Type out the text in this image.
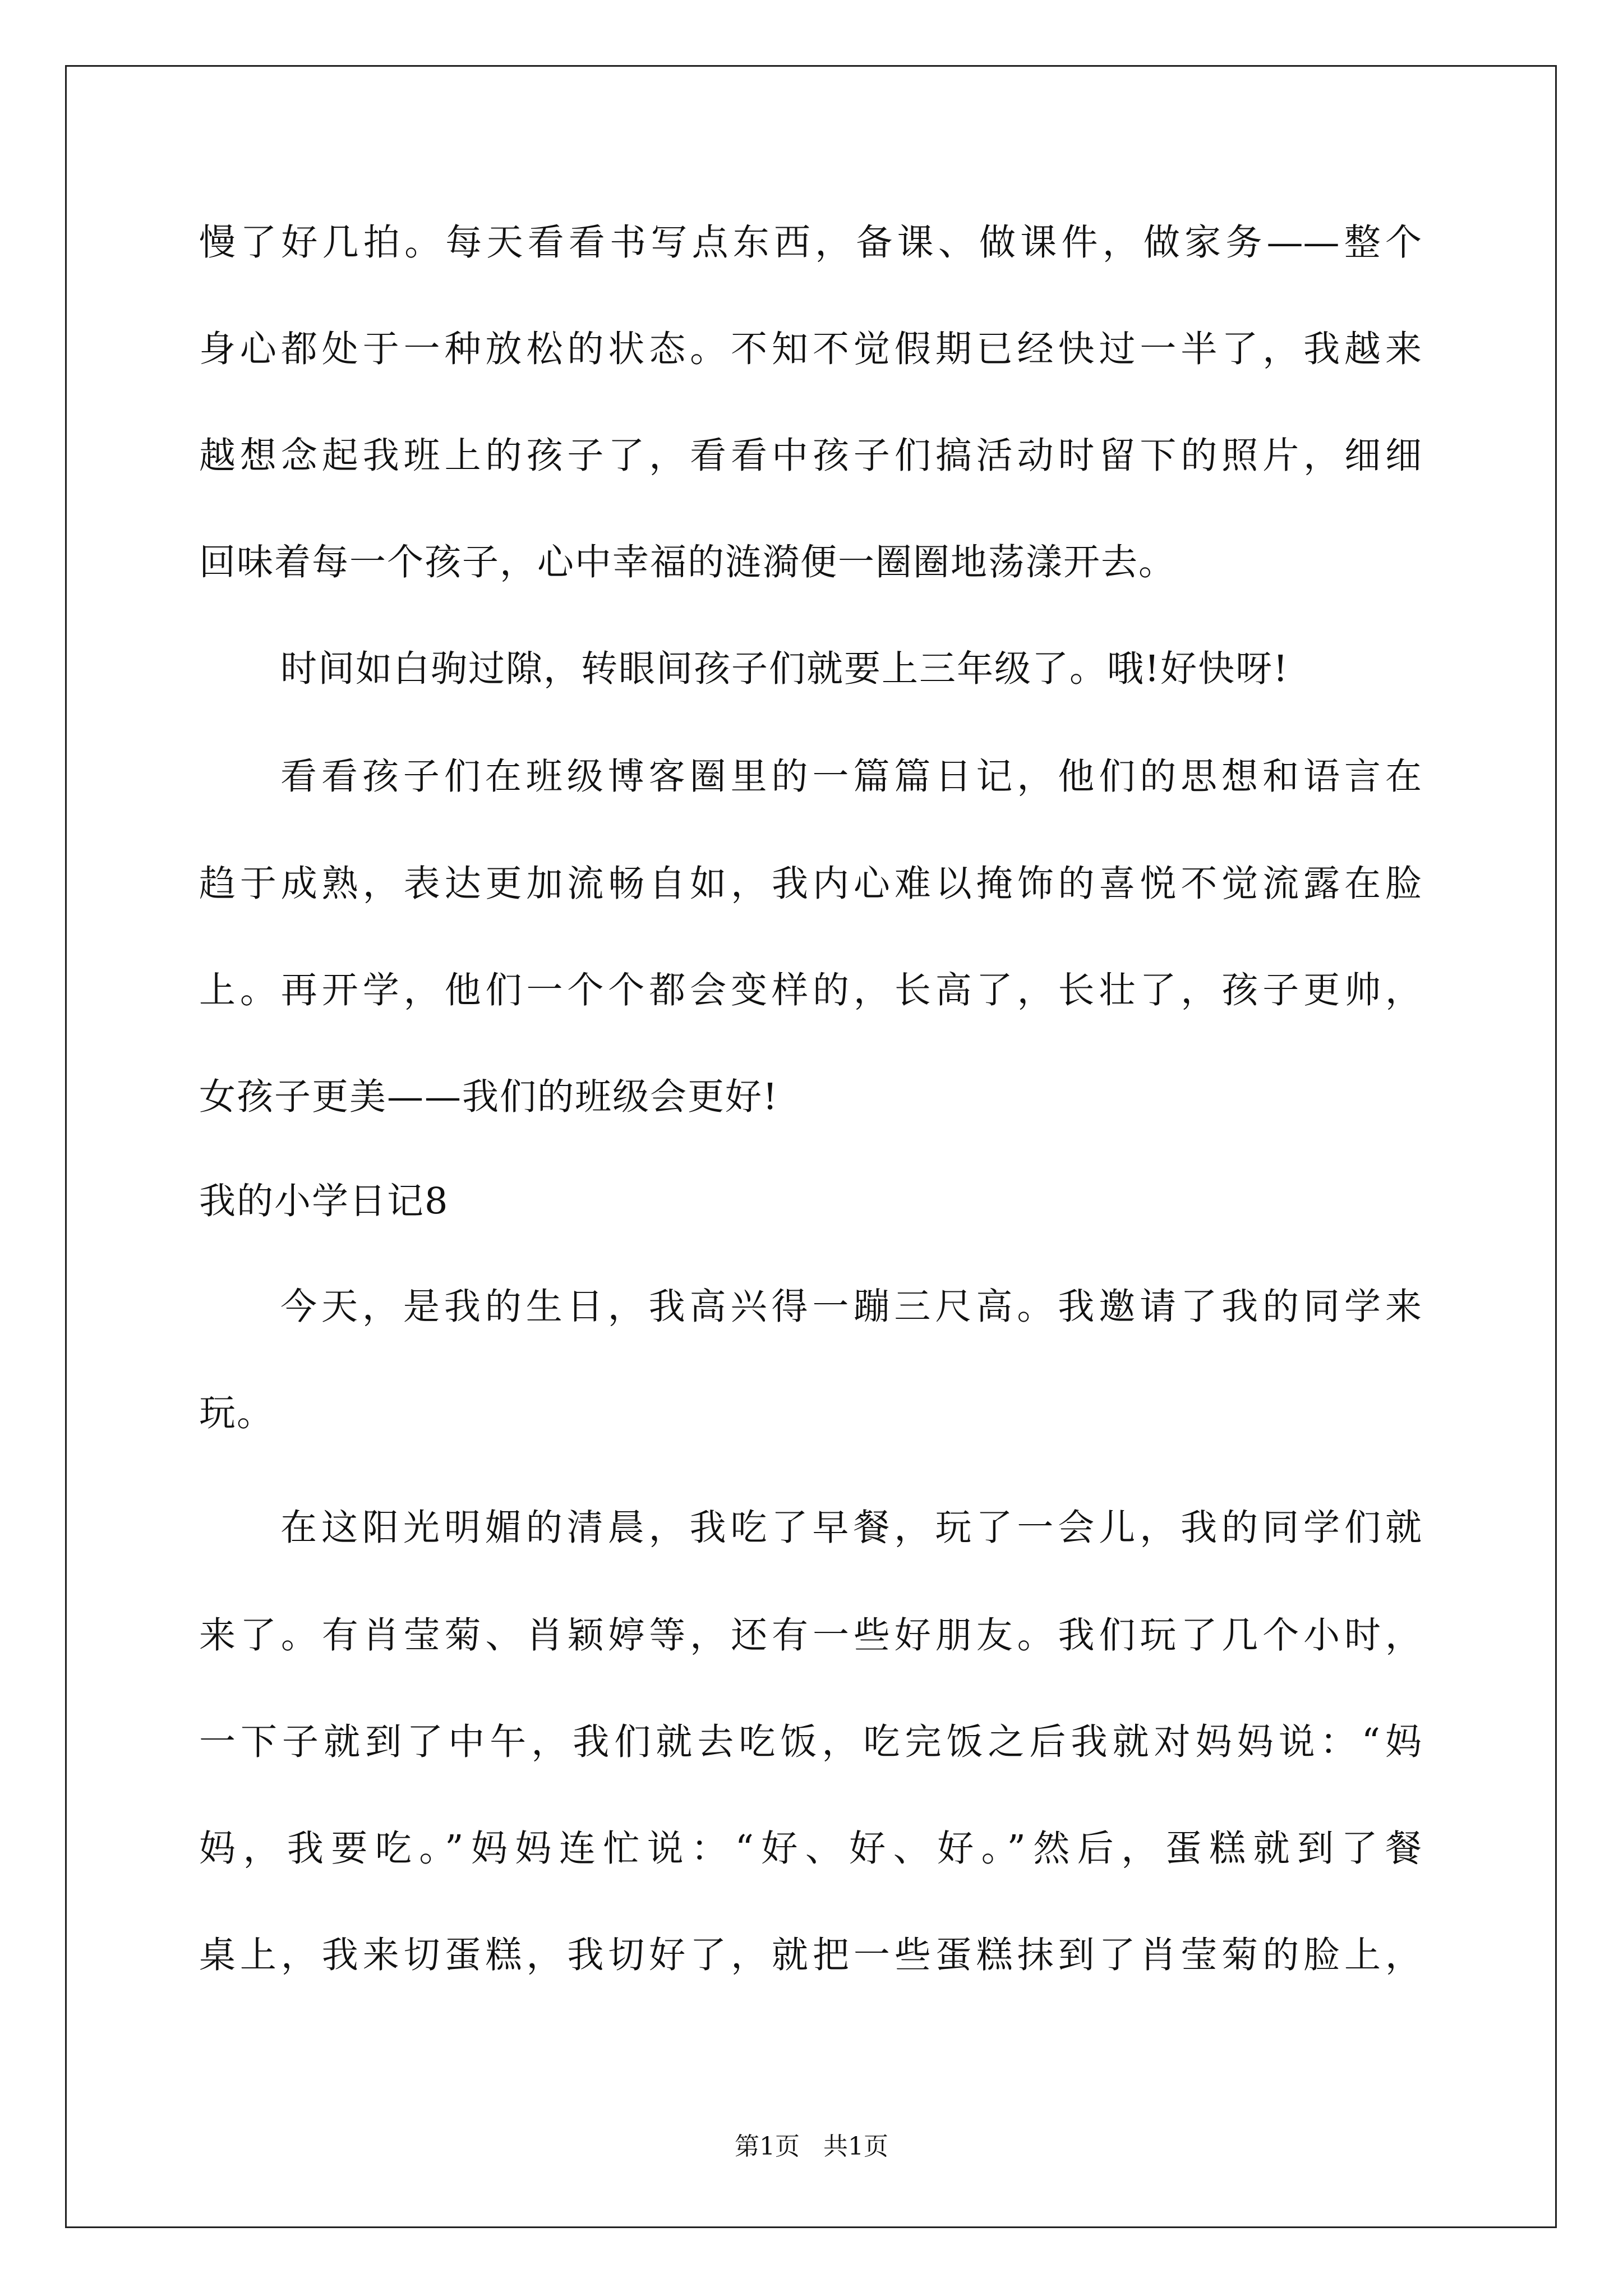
慢了好几拍。每天看看书写点东西，备课、做课件，做家务——整个
身心都处于一种放松的状态。不知不觉假期已经快过一半了，我越来
越想念起我班上的孩子了，看看中孩子们搞活动时留下的照片，细细
回味着每一个孩子，心中幸福的涟漪便一圈圈地荡漾开去。
时间如白驹过隙，转眼间孩子们就要上三年级了。哦!好快呀!
看看孩子们在班级博客圈里的一篇篇日记，他们的思想和语言在
趋于成熟，表达更加流畅自如，我内心难以掩饰的喜悦不觉流露在脸
上。再开学，他们一个个都会变样的，长高了，长壮了，孩子更帅，
女孩子更美——我们的班级会更好!
我的小学日记8
今天，是我的生日，我高兴得一蹦三尺高。我邀请了我的同学来
玩。
在这阳光明媚的清晨，我吃了早餐，玩了一会儿，我的同学们就
来了。有肖莹菊、肖颖婷等，还有一些好朋友。我们玩了几个小时，
一下子就到了中午，我们就去吃饭，吃完饭之后我就对妈妈说：“妈
妈，我要吃。”妈妈连忙说：“好、好、好。”然后，蛋糕就到了餐
桌上，我来切蛋糕，我切好了，就把一些蛋糕抹到了肖莹菊的脸上，
第1页   共1页
